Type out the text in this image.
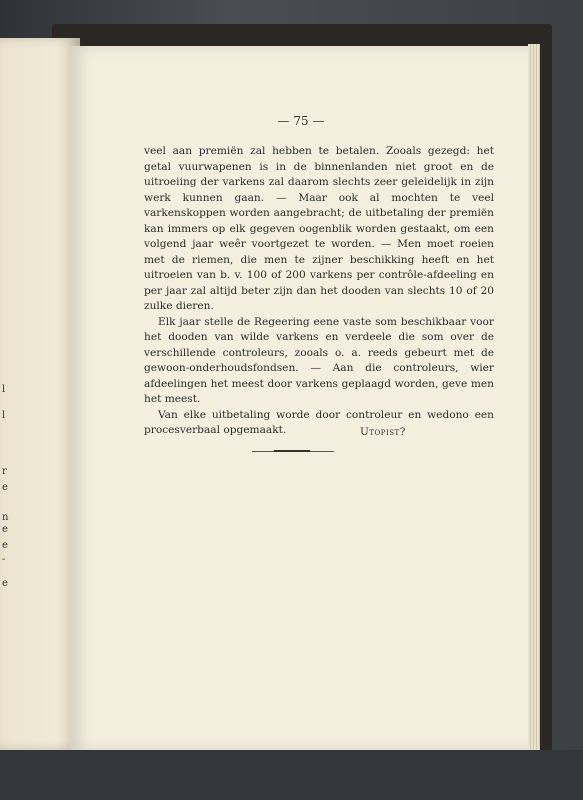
l
l
r
e
n
e
e
-
e
— 75 —

veel aan premiën zal hebben te betalen. Zooals gezegd: het getal vuurwapenen is in de binnenlanden niet groot en de uitroeiing der varkens zal daarom slechts zeer geleidelijk in zijn werk kunnen gaan. — Maar ook al mochten te veel varkenskoppen worden aangebracht; de uitbetaling der premiën kan immers op elk gegeven oogenblik worden gestaakt, om een volgend jaar weêr voortgezet te worden. — Men moet roeien met de riemen, die men te zijner beschikking heeft en het uitroeien van b. v. 100 of 200 varkens per contrôle-afdeeling en per jaar zal altijd beter zijn dan het dooden van slechts 10 of 20 zulke dieren.

Elk jaar stelle de Regeering eene vaste som beschikbaar voor het dooden van wilde varkens en verdeele die som over de verschillende controleurs, zooals o. a. reeds gebeurt met de gewoon-onderhoudsfondsen. — Aan die controleurs, wier afdeelingen het meest door varkens geplaagd worden, geve men het meest.

Van elke uitbetaling worde door controleur en wedono een procesverbaal opgemaakt.	Utopist?
